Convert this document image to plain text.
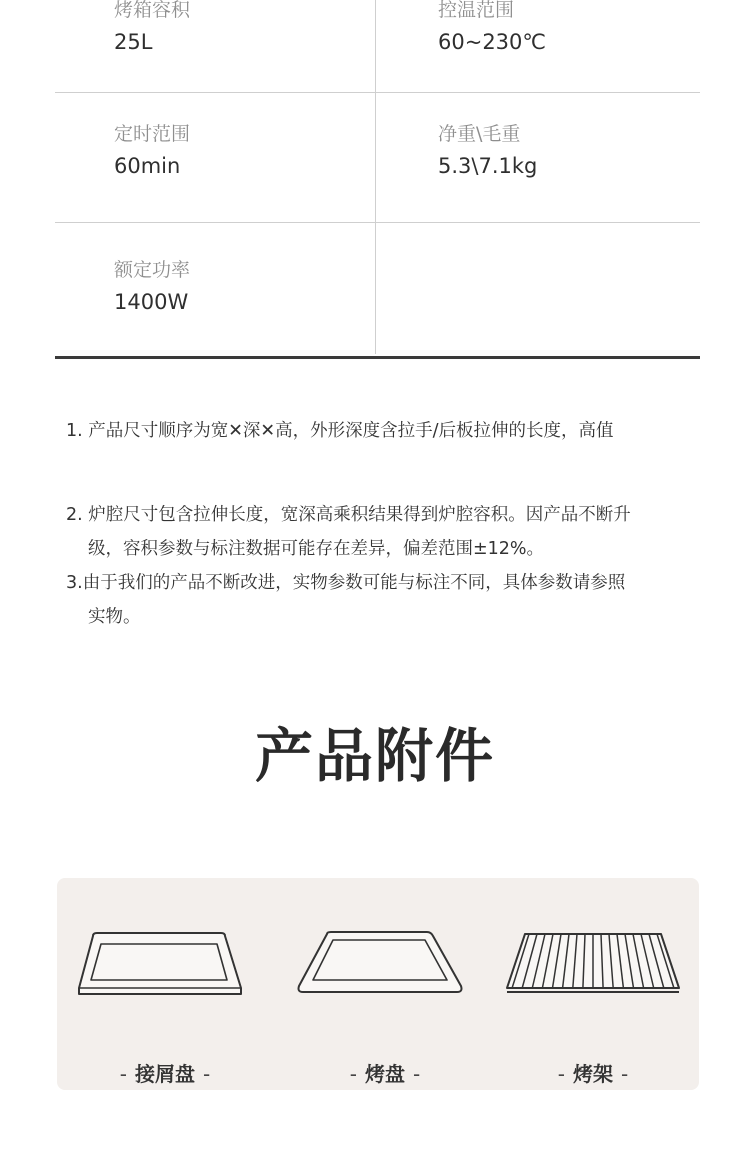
烤箱容积
25L
控温范围
60~230℃
定时范围
60min
净重\毛重
5.3\7.1kg
额定功率
1400W
1. 产品尺寸顺序为宽✕深✕高，外形深度含拉手/后板拉伸的长度，高值
2. 炉腔尺寸包含拉伸长度，宽深高乘积结果得到炉腔容积。因产品不断升
级，容积参数与标注数据可能存在差异，偏差范围±12%。
3.由于我们的产品不断改进，实物参数可能与标注不同，具体参数请参照
实物。
产品附件
- 接屑盘 -	- 烤盘 -	- 烤架 -
